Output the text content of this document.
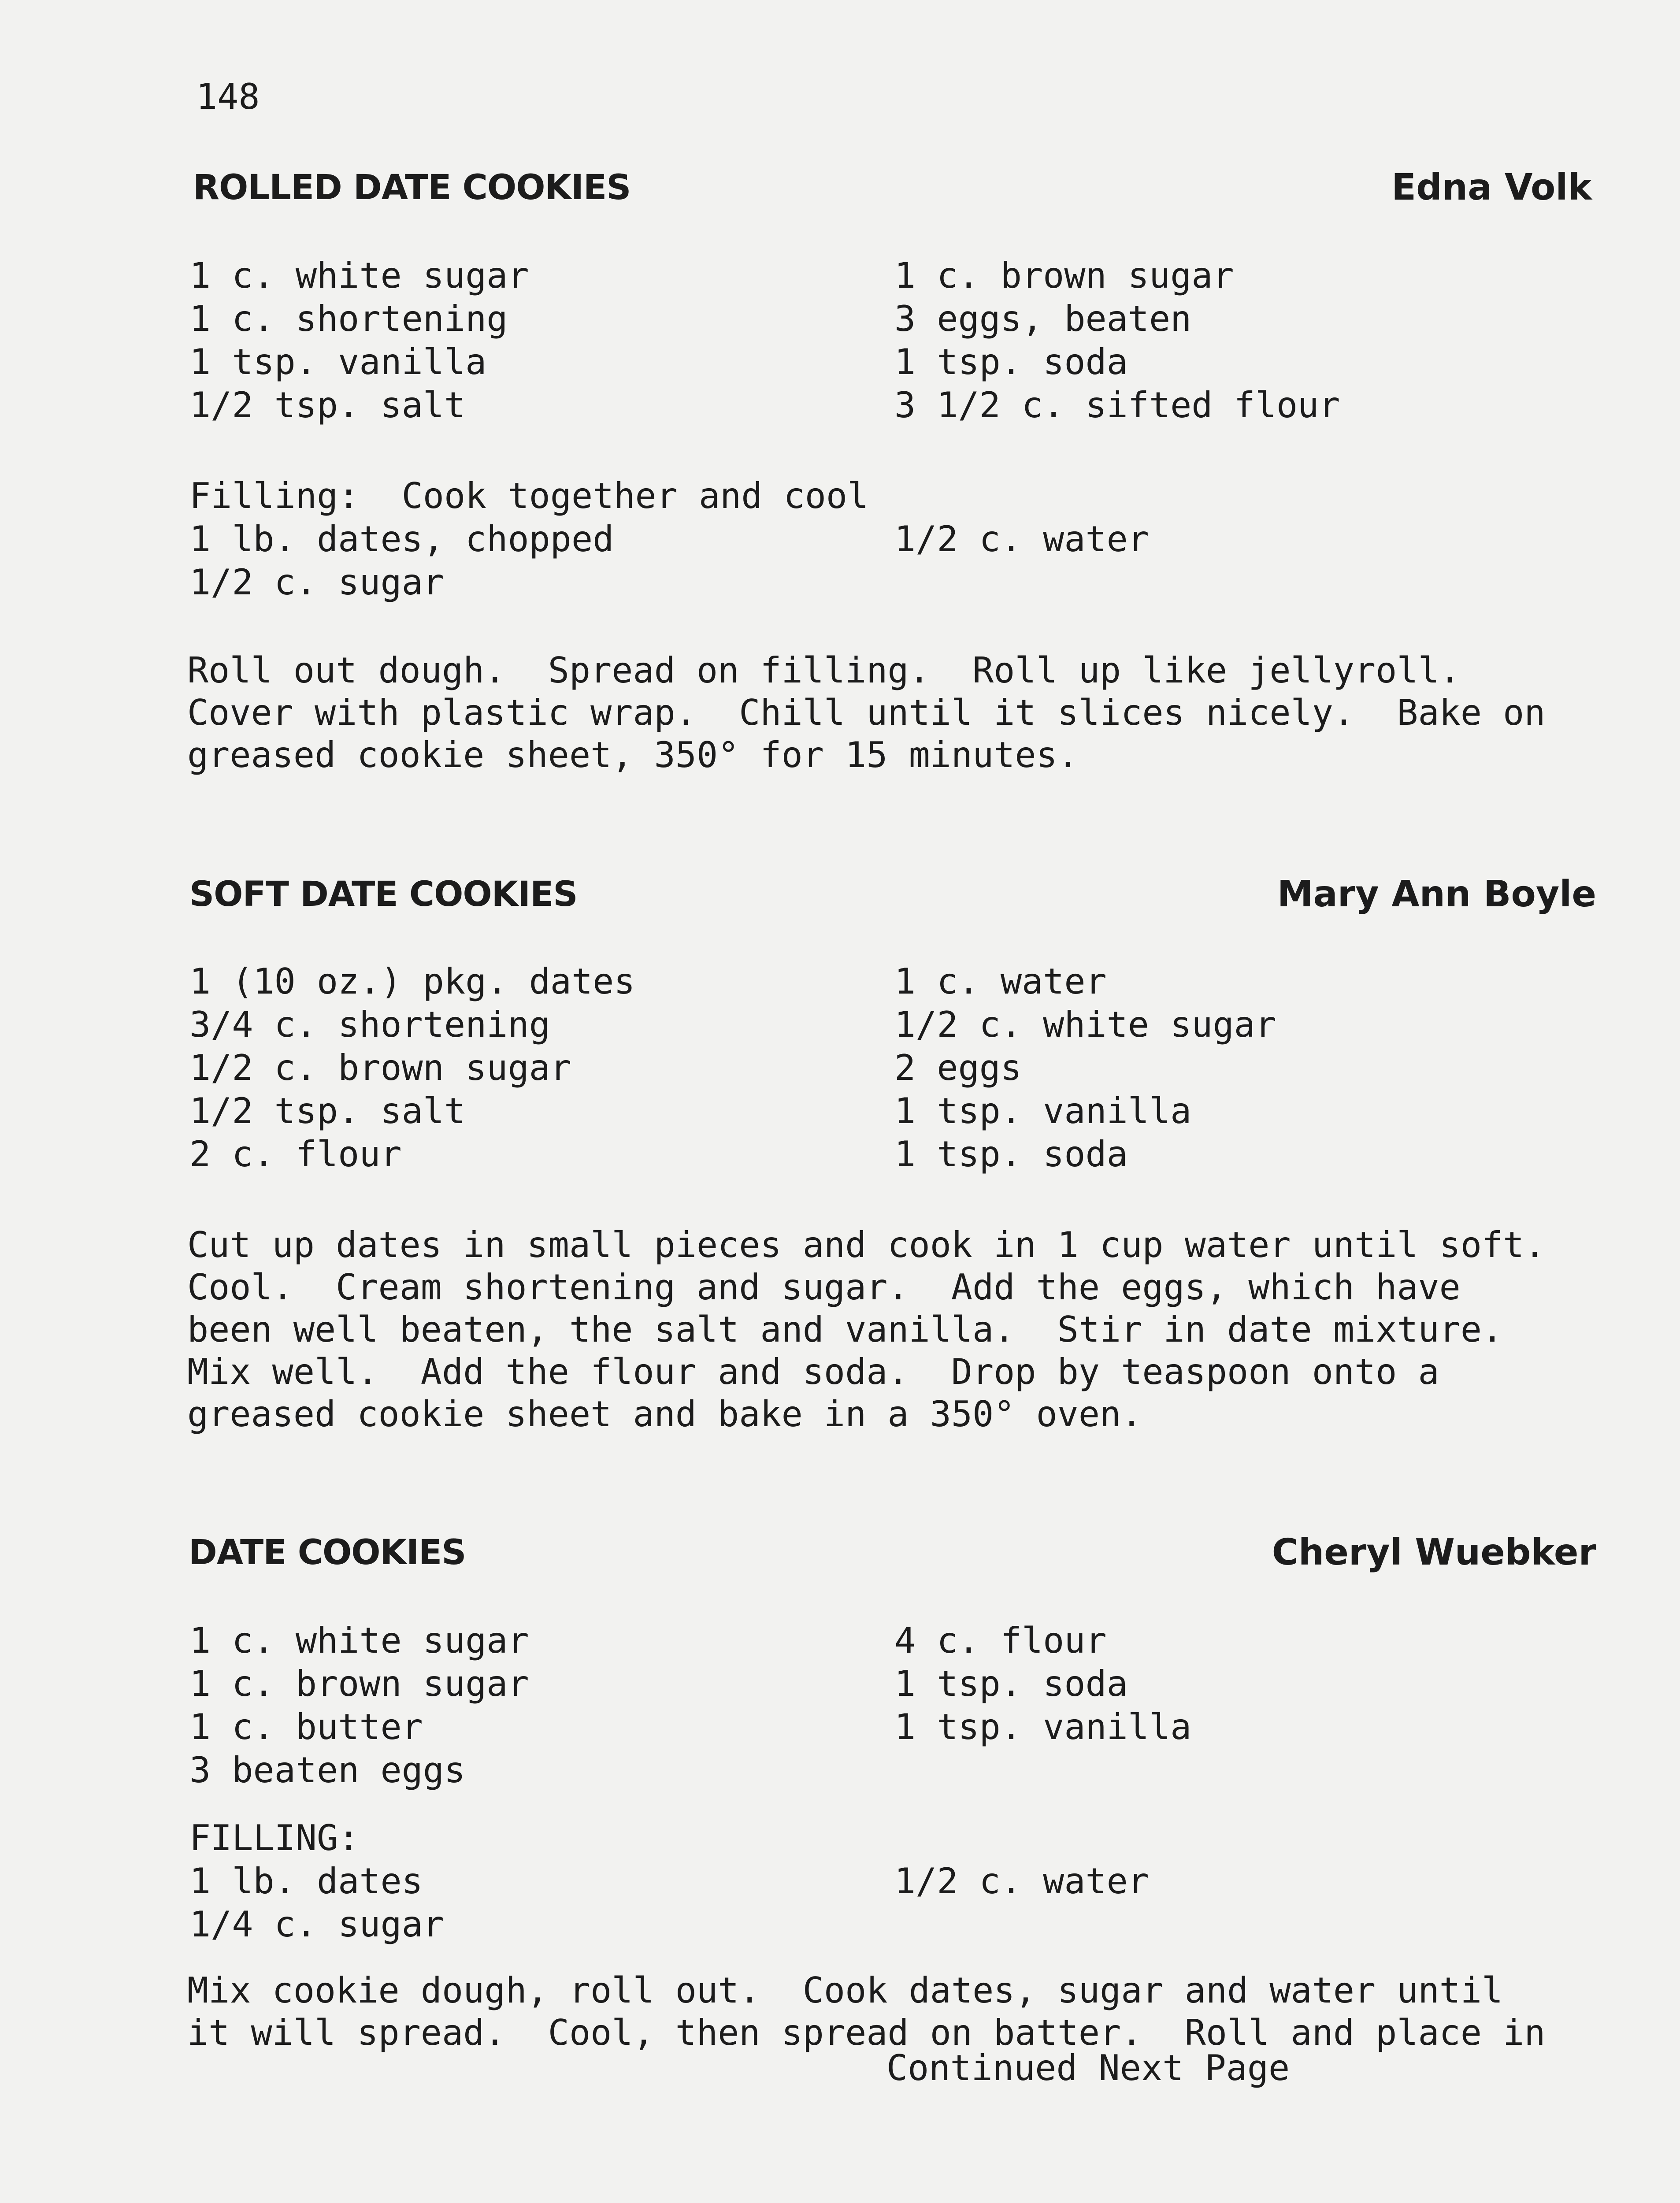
148
ROLLED DATE COOKIES	Edna Volk
1 c. white sugar	1 c. brown sugar
1 c. shortening	3 eggs, beaten
1 tsp. vanilla	1 tsp. soda
1/2 tsp. salt	3 1/2 c. sifted flour
Filling:  Cook together and cool
1 lb. dates, chopped	1/2 c. water
1/2 c. sugar
Roll out dough.  Spread on filling.  Roll up like jellyroll.
Cover with plastic wrap.  Chill until it slices nicely.  Bake on
greased cookie sheet, 350° for 15 minutes.
SOFT DATE COOKIES	Mary Ann Boyle
1 (10 oz.) pkg. dates	1 c. water
3/4 c. shortening	1/2 c. white sugar
1/2 c. brown sugar	2 eggs
1/2 tsp. salt	1 tsp. vanilla
2 c. flour	1 tsp. soda
Cut up dates in small pieces and cook in 1 cup water until soft.
Cool.  Cream shortening and sugar.  Add the eggs, which have
been well beaten, the salt and vanilla.  Stir in date mixture.
Mix well.  Add the flour and soda.  Drop by teaspoon onto a
greased cookie sheet and bake in a 350° oven.
DATE COOKIES	Cheryl Wuebker
1 c. white sugar	4 c. flour
1 c. brown sugar	1 tsp. soda
1 c. butter	1 tsp. vanilla
3 beaten eggs
FILLING:
1 lb. dates	1/2 c. water
1/4 c. sugar
Mix cookie dough, roll out.  Cook dates, sugar and water until
it will spread.  Cool, then spread on batter.  Roll and place in
Continued Next Page
